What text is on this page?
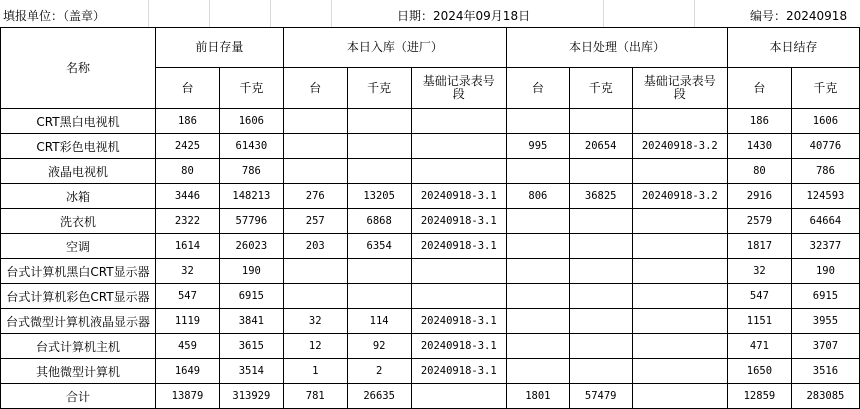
填报单位：（盖章）	日期：2024年09月18日	编号：20240918
名称	前日存量		本日入库（进厂）			本日处理（出库）			本日结存	
	台	千克	台	千克	基础记录表号段	台	千克	基础记录表号段	台	千克
CRT黑白电视机	186	1606							186	1606
CRT彩色电视机	2425	61430				995	20654	20240918-3.2	1430	40776
液晶电视机	80	786							80	786
冰箱	3446	148213	276	13205	20240918-3.1	806	36825	20240918-3.2	2916	124593
洗衣机	2322	57796	257	6868	20240918-3.1				2579	64664
空调	1614	26023	203	6354	20240918-3.1				1817	32377
台式计算机黑白CRT显示器	32	190							32	190
台式计算机彩色CRT显示器	547	6915							547	6915
台式微型计算机液晶显示器	1119	3841	32	114	20240918-3.1				1151	3955
台式计算机主机	459	3615	12	92	20240918-3.1				471	3707
其他微型计算机	1649	3514	1	2	20240918-3.1				1650	3516
合计	13879	313929	781	26635		1801	57479		12859	283085
